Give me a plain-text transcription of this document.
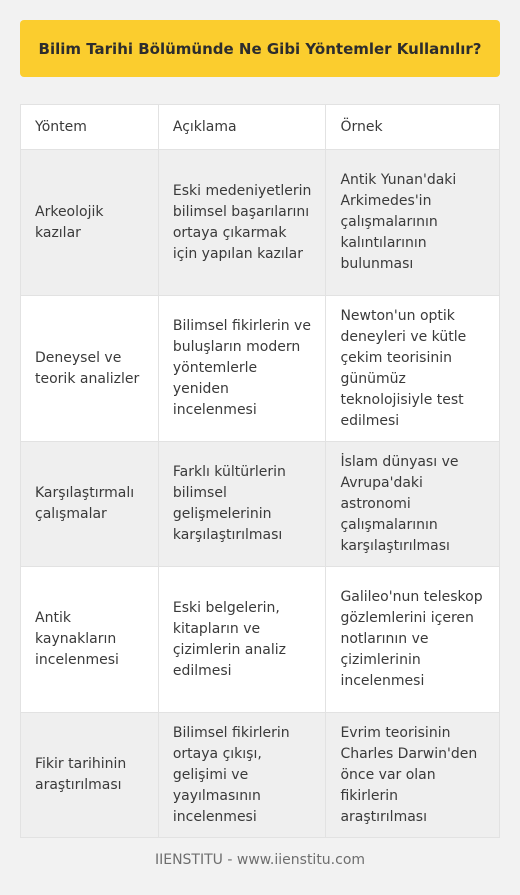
Bilim Tarihi Bölümünde Ne Gibi Yöntemler Kullanılır?
Yöntem	Açıklama	Örnek
Arkeolojik kazılar	Eski medeniyetlerin bilimsel başarılarını ortaya çıkarmak için yapılan kazılar	Antik Yunan'daki Arkimedes'in çalışmalarının kalıntılarının bulunması
Deneysel ve teorik analizler	Bilimsel fikirlerin ve buluşların modern yöntemlerle yeniden incelenmesi	Newton'un optik deneyleri ve kütle çekim teorisinin günümüz teknolojisiyle test edilmesi
Karşılaştırmalı çalışmalar	Farklı kültürlerin bilimsel gelişmelerinin karşılaştırılması	İslam dünyası ve Avrupa'daki astronomi çalışmalarının karşılaştırılması
Antik kaynakların incelenmesi	Eski belgelerin, kitapların ve çizimlerin analiz edilmesi	Galileo'nun teleskop gözlemlerini içeren notlarının ve çizimlerinin incelenmesi
Fikir tarihinin araştırılması	Bilimsel fikirlerin ortaya çıkışı, gelişimi ve yayılmasının incelenmesi	Evrim teorisinin Charles Darwin'den önce var olan fikirlerin araştırılması
IIENSTITU - www.iienstitu.com
